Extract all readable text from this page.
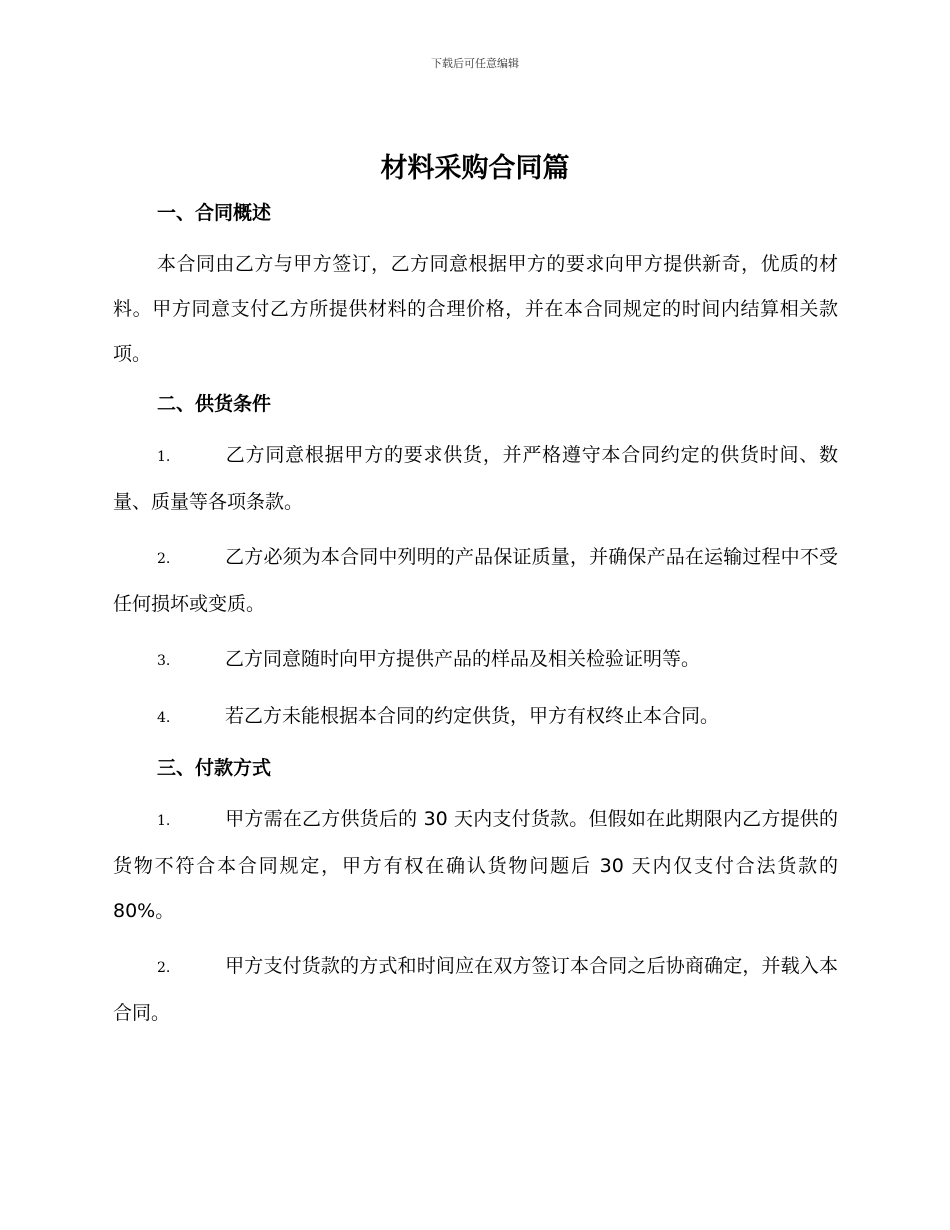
下载后可任意编辑
材料采购合同篇

一、合同概述

本合同由乙方与甲方签订，乙方同意根据甲方的要求向甲方提供新奇，优质的材料。甲方同意支付乙方所提供材料的合理价格，并在本合同规定的时间内结算相关款项。

二、供货条件

1.	乙方同意根据甲方的要求供货，并严格遵守本合同约定的供货时间、数量、质量等各项条款。

2.	乙方必须为本合同中列明的产品保证质量，并确保产品在运输过程中不受任何损坏或变质。

3.	乙方同意随时向甲方提供产品的样品及相关检验证明等。

4.	若乙方未能根据本合同的约定供货，甲方有权终止本合同。

三、付款方式

1.	甲方需在乙方供货后的 30 天内支付货款。但假如在此期限内乙方提供的货物不符合本合同规定，甲方有权在确认货物问题后 30 天内仅支付合法货款的 80%。

2.	甲方支付货款的方式和时间应在双方签订本合同之后协商确定，并载入本合同。
